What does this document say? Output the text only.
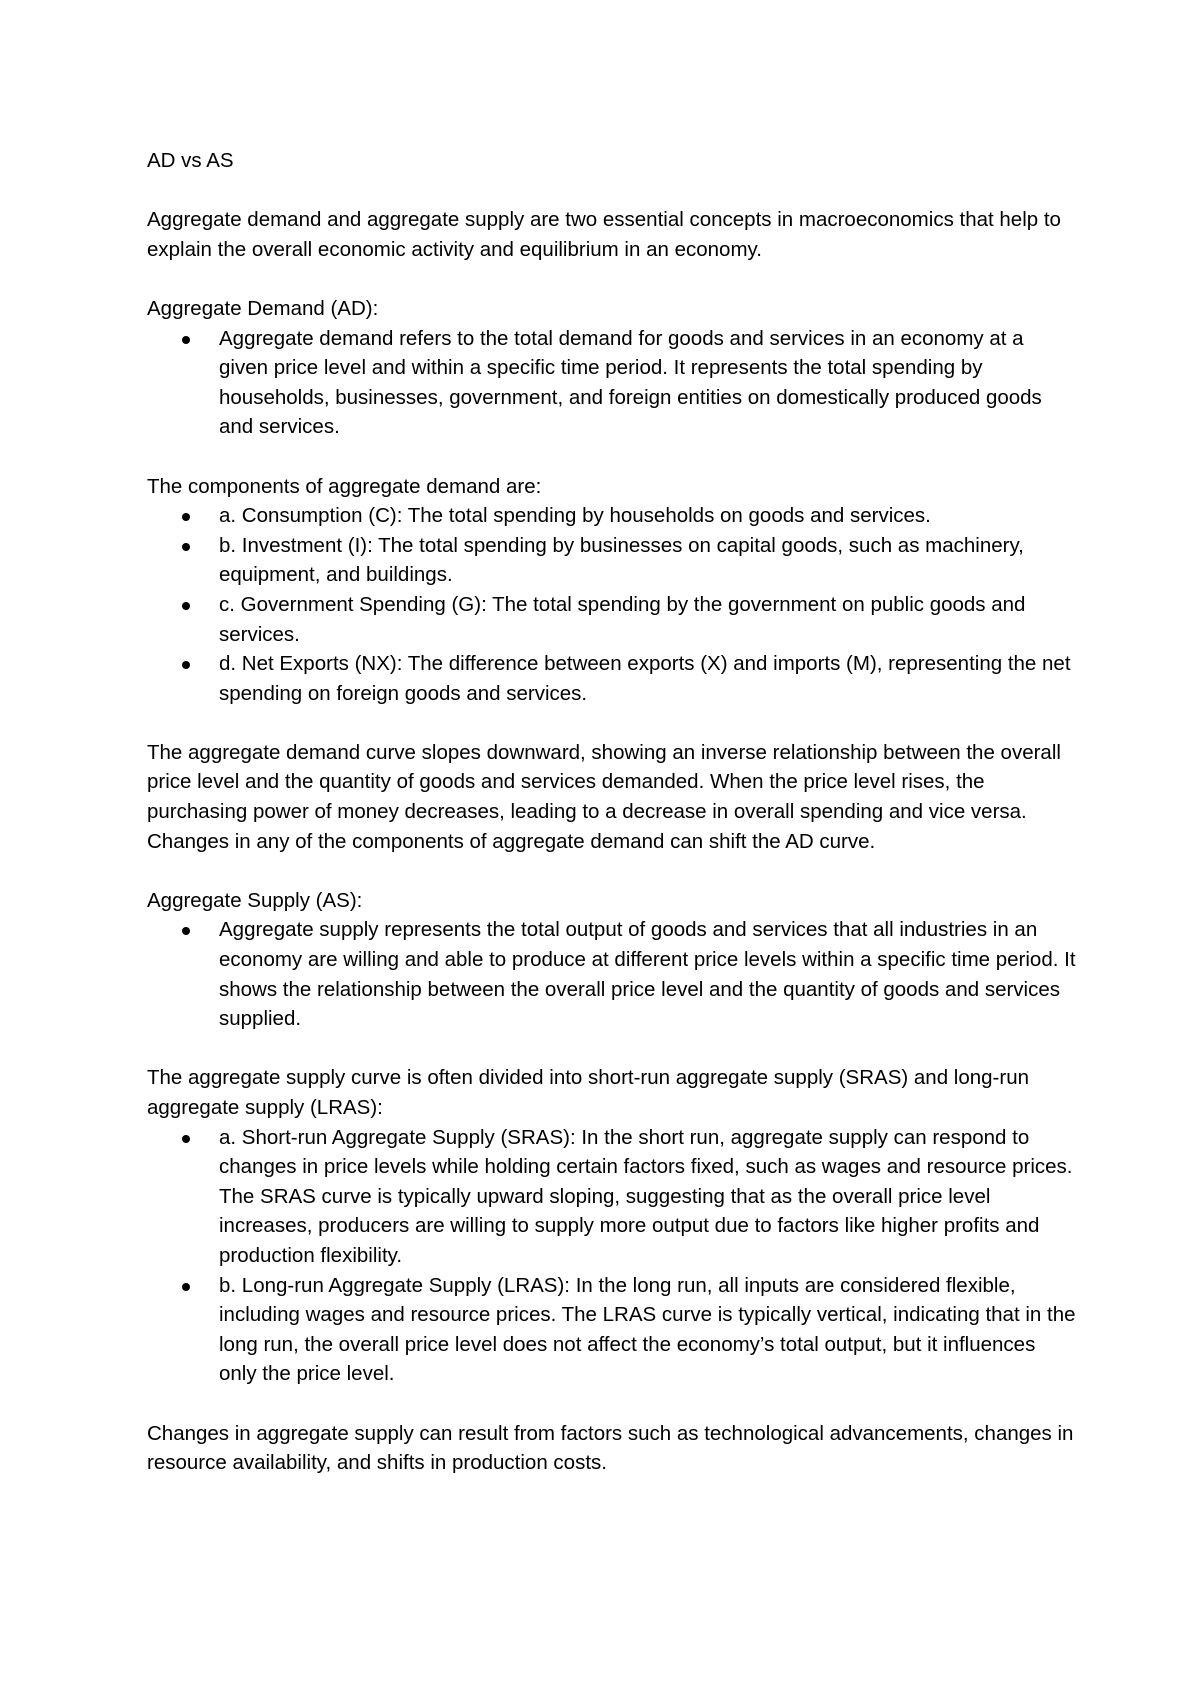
AD vs AS

Aggregate demand and aggregate supply are two essential concepts in macroeconomics that help to explain the overall economic activity and equilibrium in an economy.

Aggregate Demand (AD):

Aggregate demand refers to the total demand for goods and services in an economy at a given price level and within a specific time period. It represents the total spending by households, businesses, government, and foreign entities on domestically produced goods and services.

The components of aggregate demand are:

a. Consumption (C): The total spending by households on goods and services.
b. Investment (I): The total spending by businesses on capital goods, such as machinery, equipment, and buildings.
c. Government Spending (G): The total spending by the government on public goods and services.
d. Net Exports (NX): The difference between exports (X) and imports (M), representing the net spending on foreign goods and services.

The aggregate demand curve slopes downward, showing an inverse relationship between the overall price level and the quantity of goods and services demanded. When the price level rises, the purchasing power of money decreases, leading to a decrease in overall spending and vice versa. Changes in any of the components of aggregate demand can shift the AD curve.

Aggregate Supply (AS):

Aggregate supply represents the total output of goods and services that all industries in an economy are willing and able to produce at different price levels within a specific time period. It shows the relationship between the overall price level and the quantity of goods and services supplied.

The aggregate supply curve is often divided into short-run aggregate supply (SRAS) and long-run aggregate supply (LRAS):

a. Short-run Aggregate Supply (SRAS): In the short run, aggregate supply can respond to changes in price levels while holding certain factors fixed, such as wages and resource prices. The SRAS curve is typically upward sloping, suggesting that as the overall price level increases, producers are willing to supply more output due to factors like higher profits and production flexibility.
b. Long-run Aggregate Supply (LRAS): In the long run, all inputs are considered flexible, including wages and resource prices. The LRAS curve is typically vertical, indicating that in the long run, the overall price level does not affect the economy’s total output, but it influences only the price level.

Changes in aggregate supply can result from factors such as technological advancements, changes in resource availability, and shifts in production costs.
